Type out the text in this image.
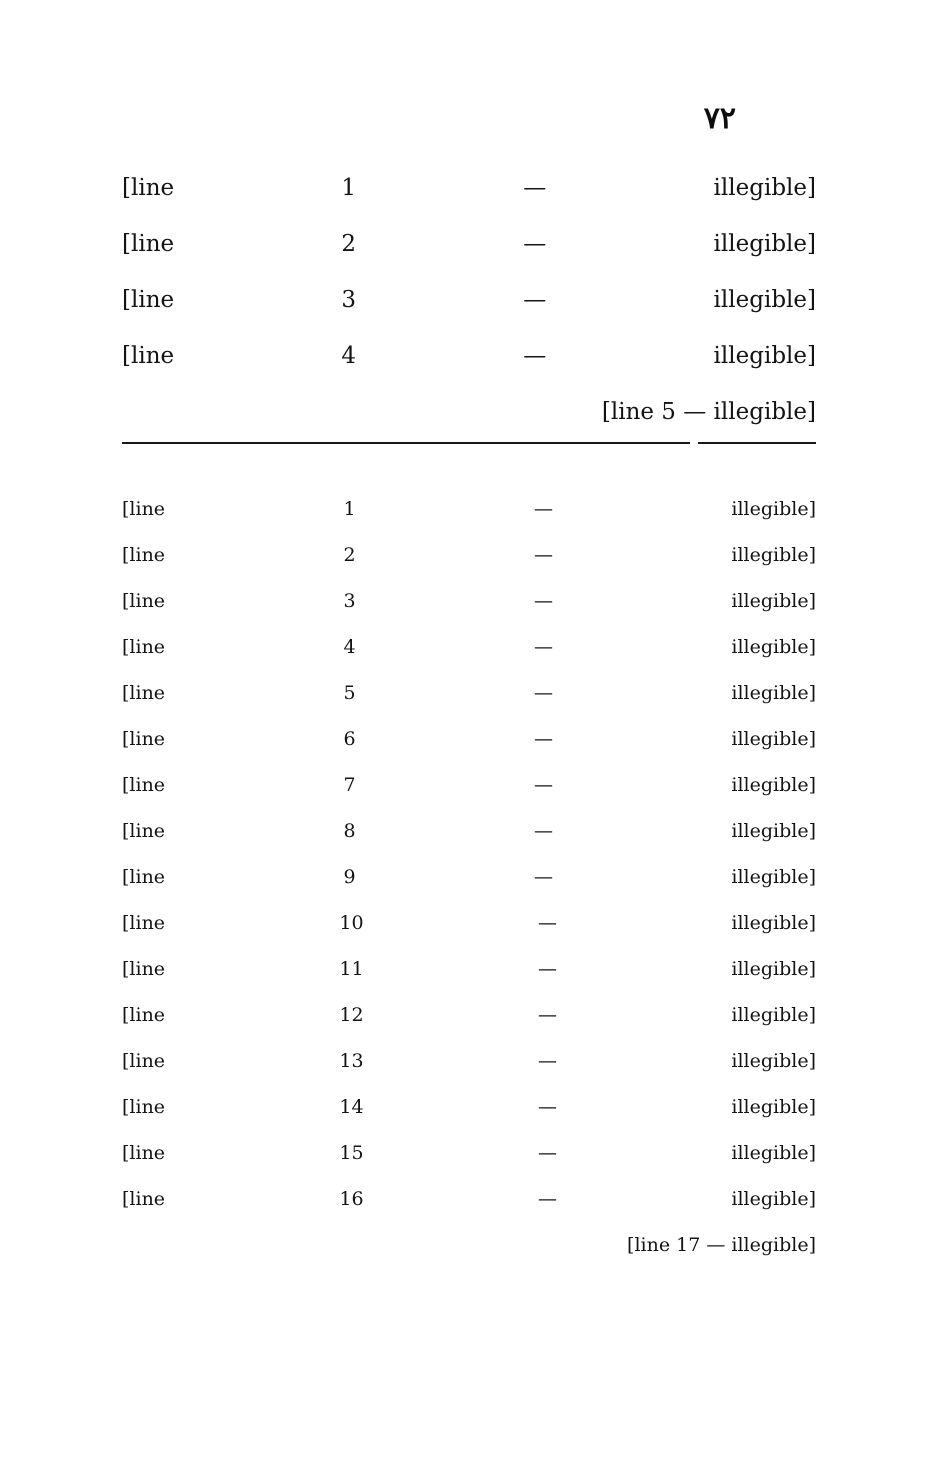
٧٢
[line 1 — illegible]
[line 2 — illegible]
[line 3 — illegible]
[line 4 — illegible]
[line 5 — illegible]
[line 1 — illegible]
[line 2 — illegible]
[line 3 — illegible]
[line 4 — illegible]
[line 5 — illegible]
[line 6 — illegible]
[line 7 — illegible]
[line 8 — illegible]
[line 9 — illegible]
[line 10 — illegible]
[line 11 — illegible]
[line 12 — illegible]
[line 13 — illegible]
[line 14 — illegible]
[line 15 — illegible]
[line 16 — illegible]
[line 17 — illegible]
